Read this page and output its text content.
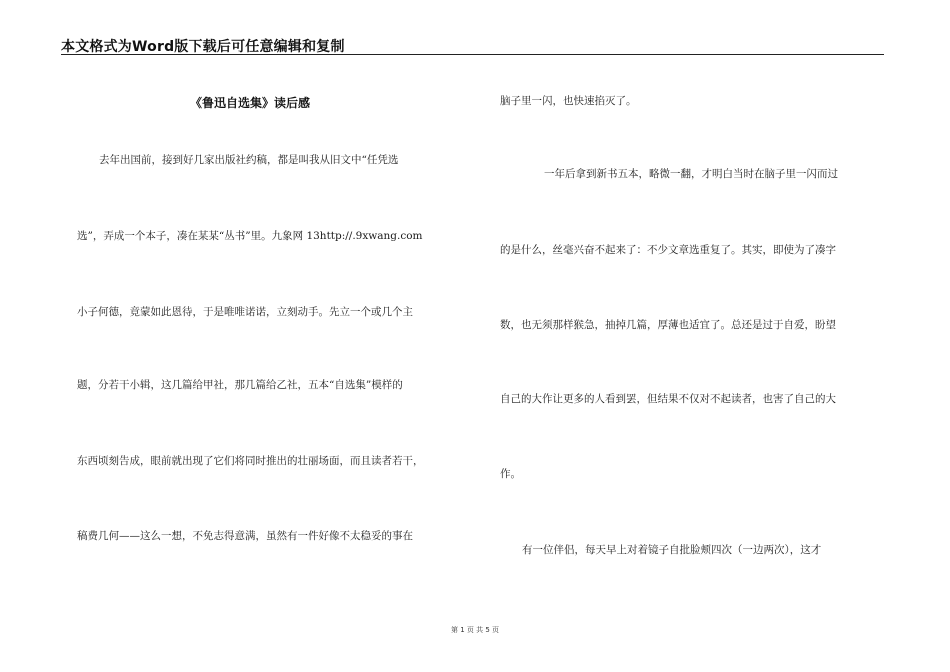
本文格式为Word版下载后可任意编辑和复制
《鲁迅自选集》读后感
去年出国前，接到好几家出版社约稿，都是叫我从旧文中“任凭选
选”，弄成一个本子，凑在某某“丛书”里。九象网 13http://.9xwang.com
小子何德，竟蒙如此恩待，于是唯唯诺诺，立刻动手。先立一个或几个主
题，分若干小辑，这几篇给甲社，那几篇给乙社，五本“自选集”模样的
东西顷刻告成，眼前就出现了它们将同时推出的壮丽场面，而且读者若干，
稿费几何——这么一想，不免志得意满，虽然有一件好像不太稳妥的事在
脑子里一闪，也快速掐灭了。
一年后拿到新书五本，略微一翻，才明白当时在脑子里一闪而过
的是什么，丝毫兴奋不起来了：不少文章选重复了。其实，即使为了凑字
数，也无须那样猴急，抽掉几篇，厚薄也适宜了。总还是过于自爱，盼望
自己的大作让更多的人看到罢，但结果不仅对不起读者，也害了自己的大
作。
有一位伴侣，每天早上对着镜子自批脸颊四次（一边两次），这才
第 1 页 共 5 页
